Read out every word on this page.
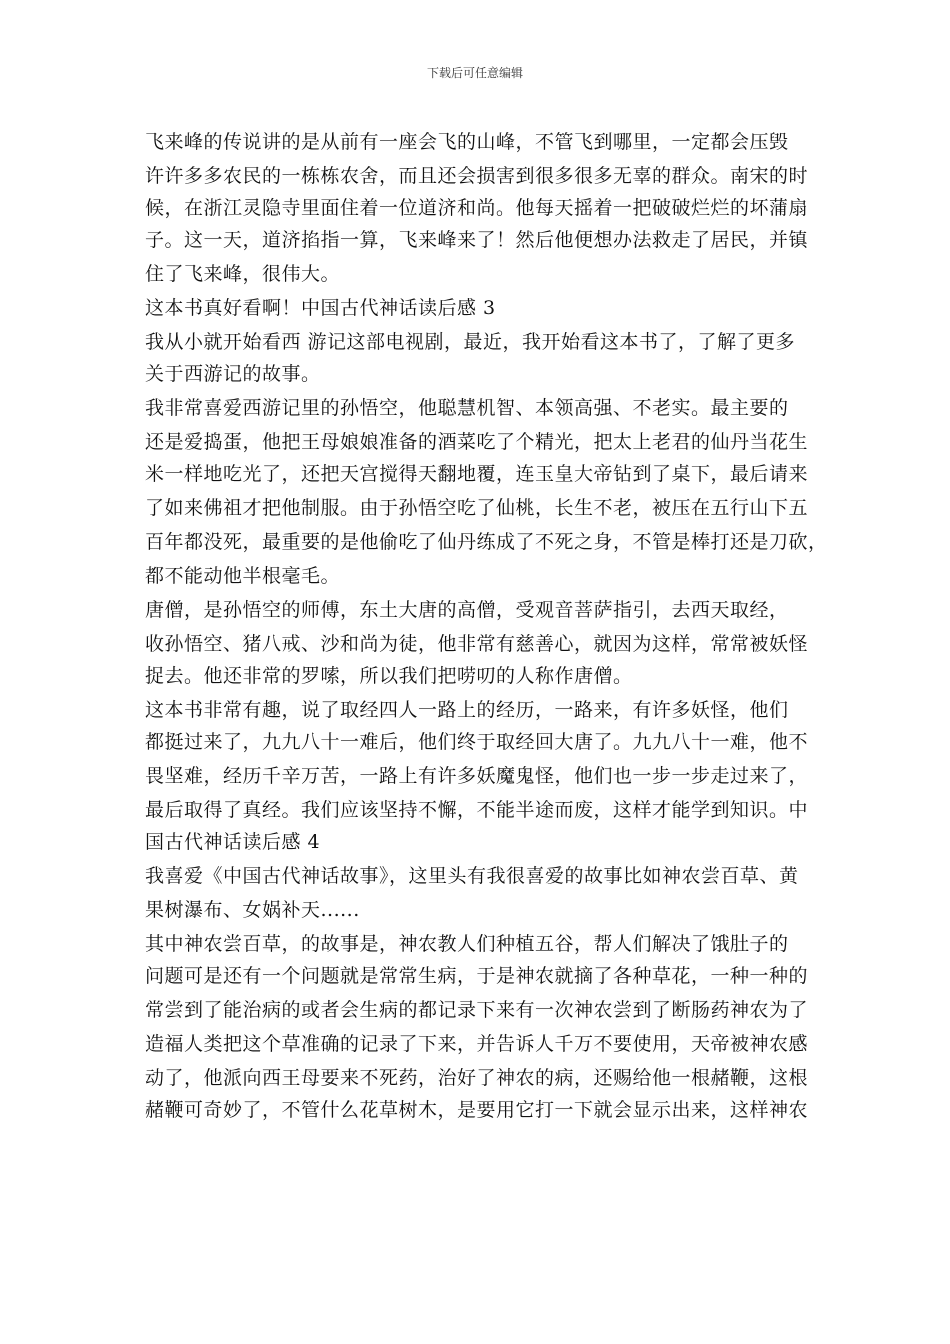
下载后可任意编辑
飞来峰的传说讲的是从前有一座会飞的山峰，不管飞到哪里，一定都会压毁
许许多多农民的一栋栋农舍，而且还会损害到很多很多无辜的群众。南宋的时
候，在浙江灵隐寺里面住着一位道济和尚。他每天摇着一把破破烂烂的坏蒲扇
子。这一天，道济掐指一算，飞来峰来了！然后他便想办法救走了居民，并镇
住了飞来峰，很伟大。
这本书真好看啊！中国古代神话读后感 3
我从小就开始看西 游记这部电视剧，最近，我开始看这本书了，了解了更多
关于西游记的故事。
我非常喜爱西游记里的孙悟空，他聪慧机智、本领高强、不老实。最主要的
还是爱捣蛋，他把王母娘娘准备的酒菜吃了个精光，把太上老君的仙丹当花生
米一样地吃光了，还把天宫搅得天翻地覆，连玉皇大帝钻到了桌下，最后请来
了如来佛祖才把他制服。由于孙悟空吃了仙桃，长生不老，被压在五行山下五
百年都没死，最重要的是他偷吃了仙丹练成了不死之身，不管是棒打还是刀砍，
都不能动他半根毫毛。
唐僧，是孙悟空的师傅，东土大唐的高僧，受观音菩萨指引，去西天取经，
收孙悟空、猪八戒、沙和尚为徒，他非常有慈善心，就因为这样，常常被妖怪
捉去。他还非常的罗嗦，所以我们把唠叨的人称作唐僧。
这本书非常有趣，说了取经四人一路上的经历，一路来，有许多妖怪，他们
都挺过来了，九九八十一难后，他们终于取经回大唐了。九九八十一难，他不
畏坚难，经历千辛万苦，一路上有许多妖魔鬼怪，他们也一步一步走过来了，
最后取得了真经。我们应该坚持不懈，不能半途而废，这样才能学到知识。中
国古代神话读后感 4
我喜爱《中国古代神话故事》，这里头有我很喜爱的故事比如神农尝百草、黄
果树瀑布、女娲补天......
其中神农尝百草，的故事是，神农教人们种植五谷，帮人们解决了饿肚子的
问题可是还有一个问题就是常常生病，于是神农就摘了各种草花，一种一种的
常尝到了能治病的或者会生病的都记录下来有一次神农尝到了断肠药神农为了
造福人类把这个草准确的记录了下来，并告诉人千万不要使用，天帝被神农感
动了，他派向西王母要来不死药，治好了神农的病，还赐给他一根赭鞭，这根
赭鞭可奇妙了，不管什么花草树木，是要用它打一下就会显示出来，这样神农
